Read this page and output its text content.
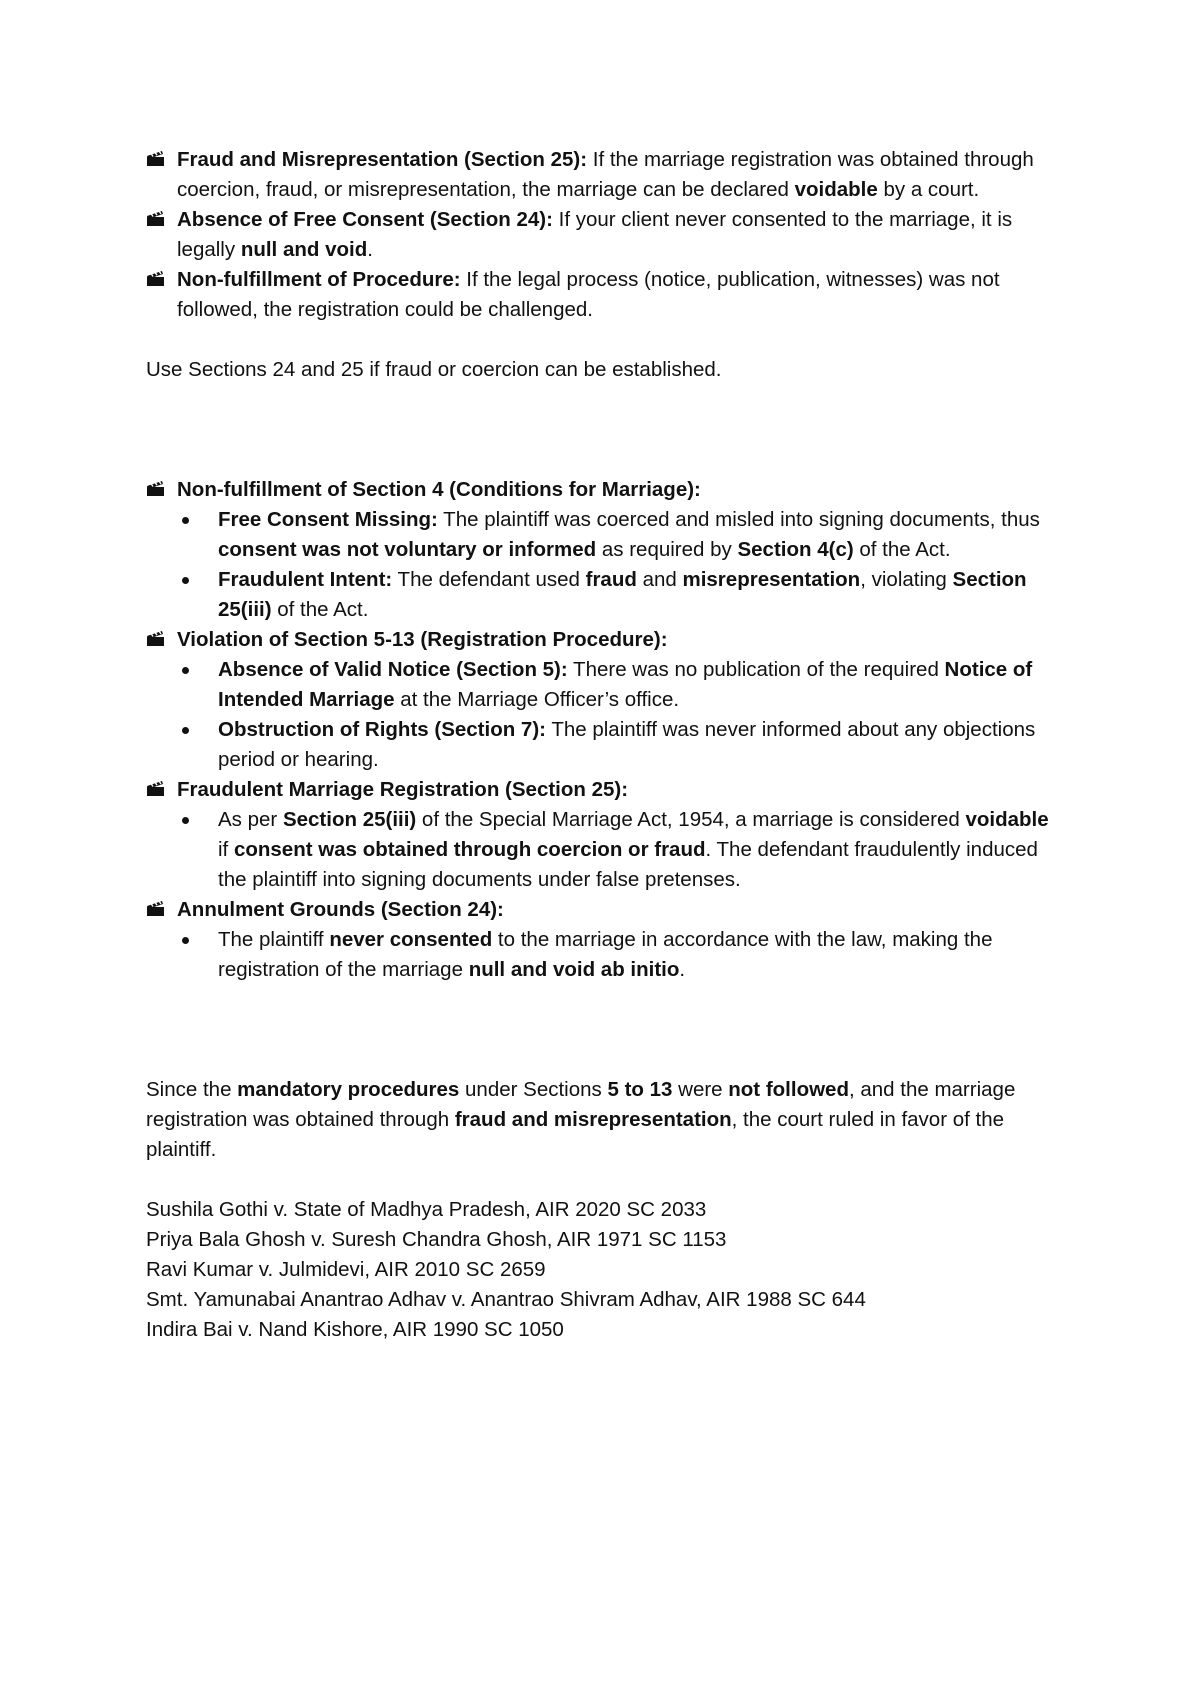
Fraud and Misrepresentation (Section 25): If the marriage registration was obtained through coercion, fraud, or misrepresentation, the marriage can be declared voidable by a court.

Absence of Free Consent (Section 24): If your client never consented to the marriage, it is legally null and void.

Non-fulfillment of Procedure: If the legal process (notice, publication, witnesses) was not followed, the registration could be challenged.

Use Sections 24 and 25 if fraud or coercion can be established.

Non-fulfillment of Section 4 (Conditions for Marriage):
Free Consent Missing: The plaintiff was coerced and misled into signing documents, thus consent was not voluntary or informed as required by Section 4(c) of the Act.
Fraudulent Intent: The defendant used fraud and misrepresentation, violating Section 25(iii) of the Act.
Violation of Section 5-13 (Registration Procedure):
Absence of Valid Notice (Section 5): There was no publication of the required Notice of Intended Marriage at the Marriage Officer’s office.
Obstruction of Rights (Section 7): The plaintiff was never informed about any objections period or hearing.
Fraudulent Marriage Registration (Section 25):
As per Section 25(iii) of the Special Marriage Act, 1954, a marriage is considered voidable if consent was obtained through coercion or fraud. The defendant fraudulently induced the plaintiff into signing documents under false pretenses.
Annulment Grounds (Section 24):
The plaintiff never consented to the marriage in accordance with the law, making the registration of the marriage null and void ab initio.

Since the mandatory procedures under Sections 5 to 13 were not followed, and the marriage registration was obtained through fraud and misrepresentation, the court ruled in favor of the plaintiff.

Sushila Gothi v. State of Madhya Pradesh, AIR 2020 SC 2033

Priya Bala Ghosh v. Suresh Chandra Ghosh, AIR 1971 SC 1153

Ravi Kumar v. Julmidevi, AIR 2010 SC 2659

Smt. Yamunabai Anantrao Adhav v. Anantrao Shivram Adhav, AIR 1988 SC 644

Indira Bai v. Nand Kishore, AIR 1990 SC 1050
